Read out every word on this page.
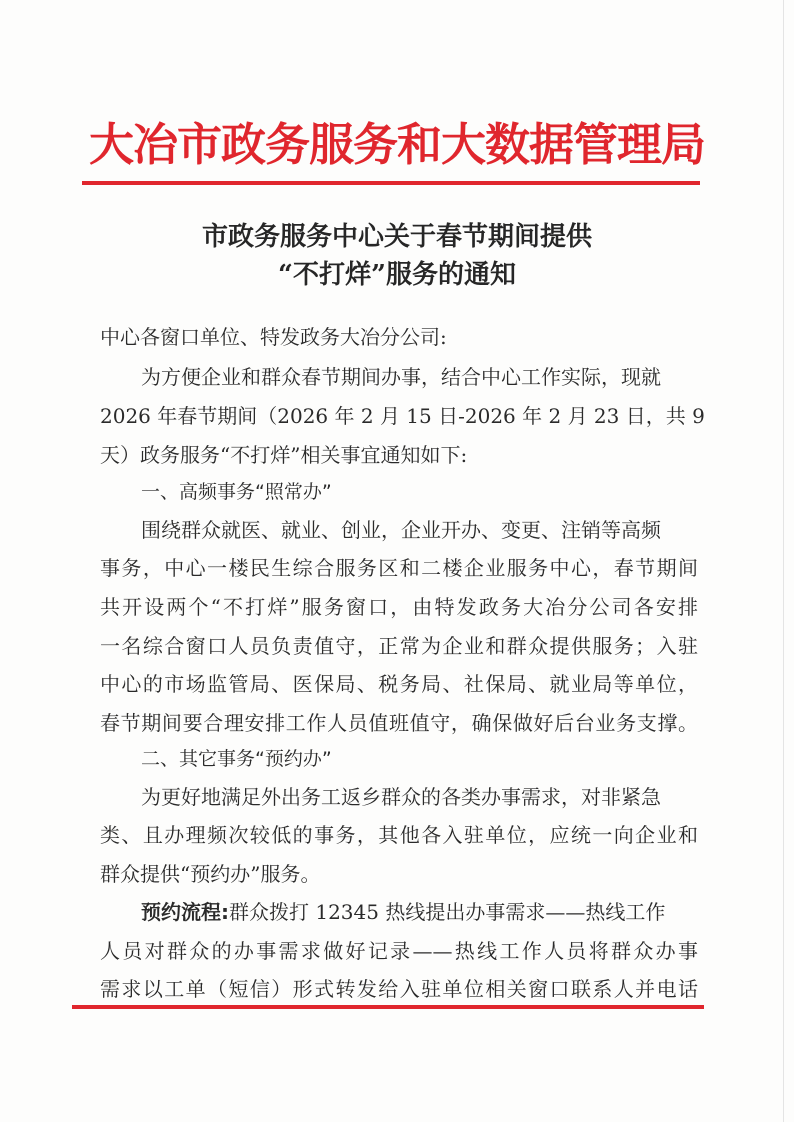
大冶市政务服务和大数据管理局
市政务服务中心关于春节期间提供
“不打烊”服务的通知
中心各窗口单位、特发政务大冶分公司:
为方便企业和群众春节期间办事，结合中心工作实际，现就
2026 年春节期间（2026 年 2 月 15 日-2026 年 2 月 23 日，共 9
天）政务服务“不打烊”相关事宜通知如下:
一、高频事务“照常办”
围绕群众就医、就业、创业，企业开办、变更、注销等高频
事务，中心一楼民生综合服务区和二楼企业服务中心，春节期间
共开设两个“不打烊”服务窗口，由特发政务大冶分公司各安排
一名综合窗口人员负责值守，正常为企业和群众提供服务；入驻
中心的市场监管局、医保局、税务局、社保局、就业局等单位，
春节期间要合理安排工作人员值班值守，确保做好后台业务支撑。
二、其它事务“预约办”
为更好地满足外出务工返乡群众的各类办事需求，对非紧急
类、且办理频次较低的事务，其他各入驻单位，应统一向企业和
群众提供“预约办”服务。
预约流程:群众拨打 12345 热线提出办事需求——热线工作
人员对群众的办事需求做好记录——热线工作人员将群众办事
需求以工单（短信）形式转发给入驻单位相关窗口联系人并电话
